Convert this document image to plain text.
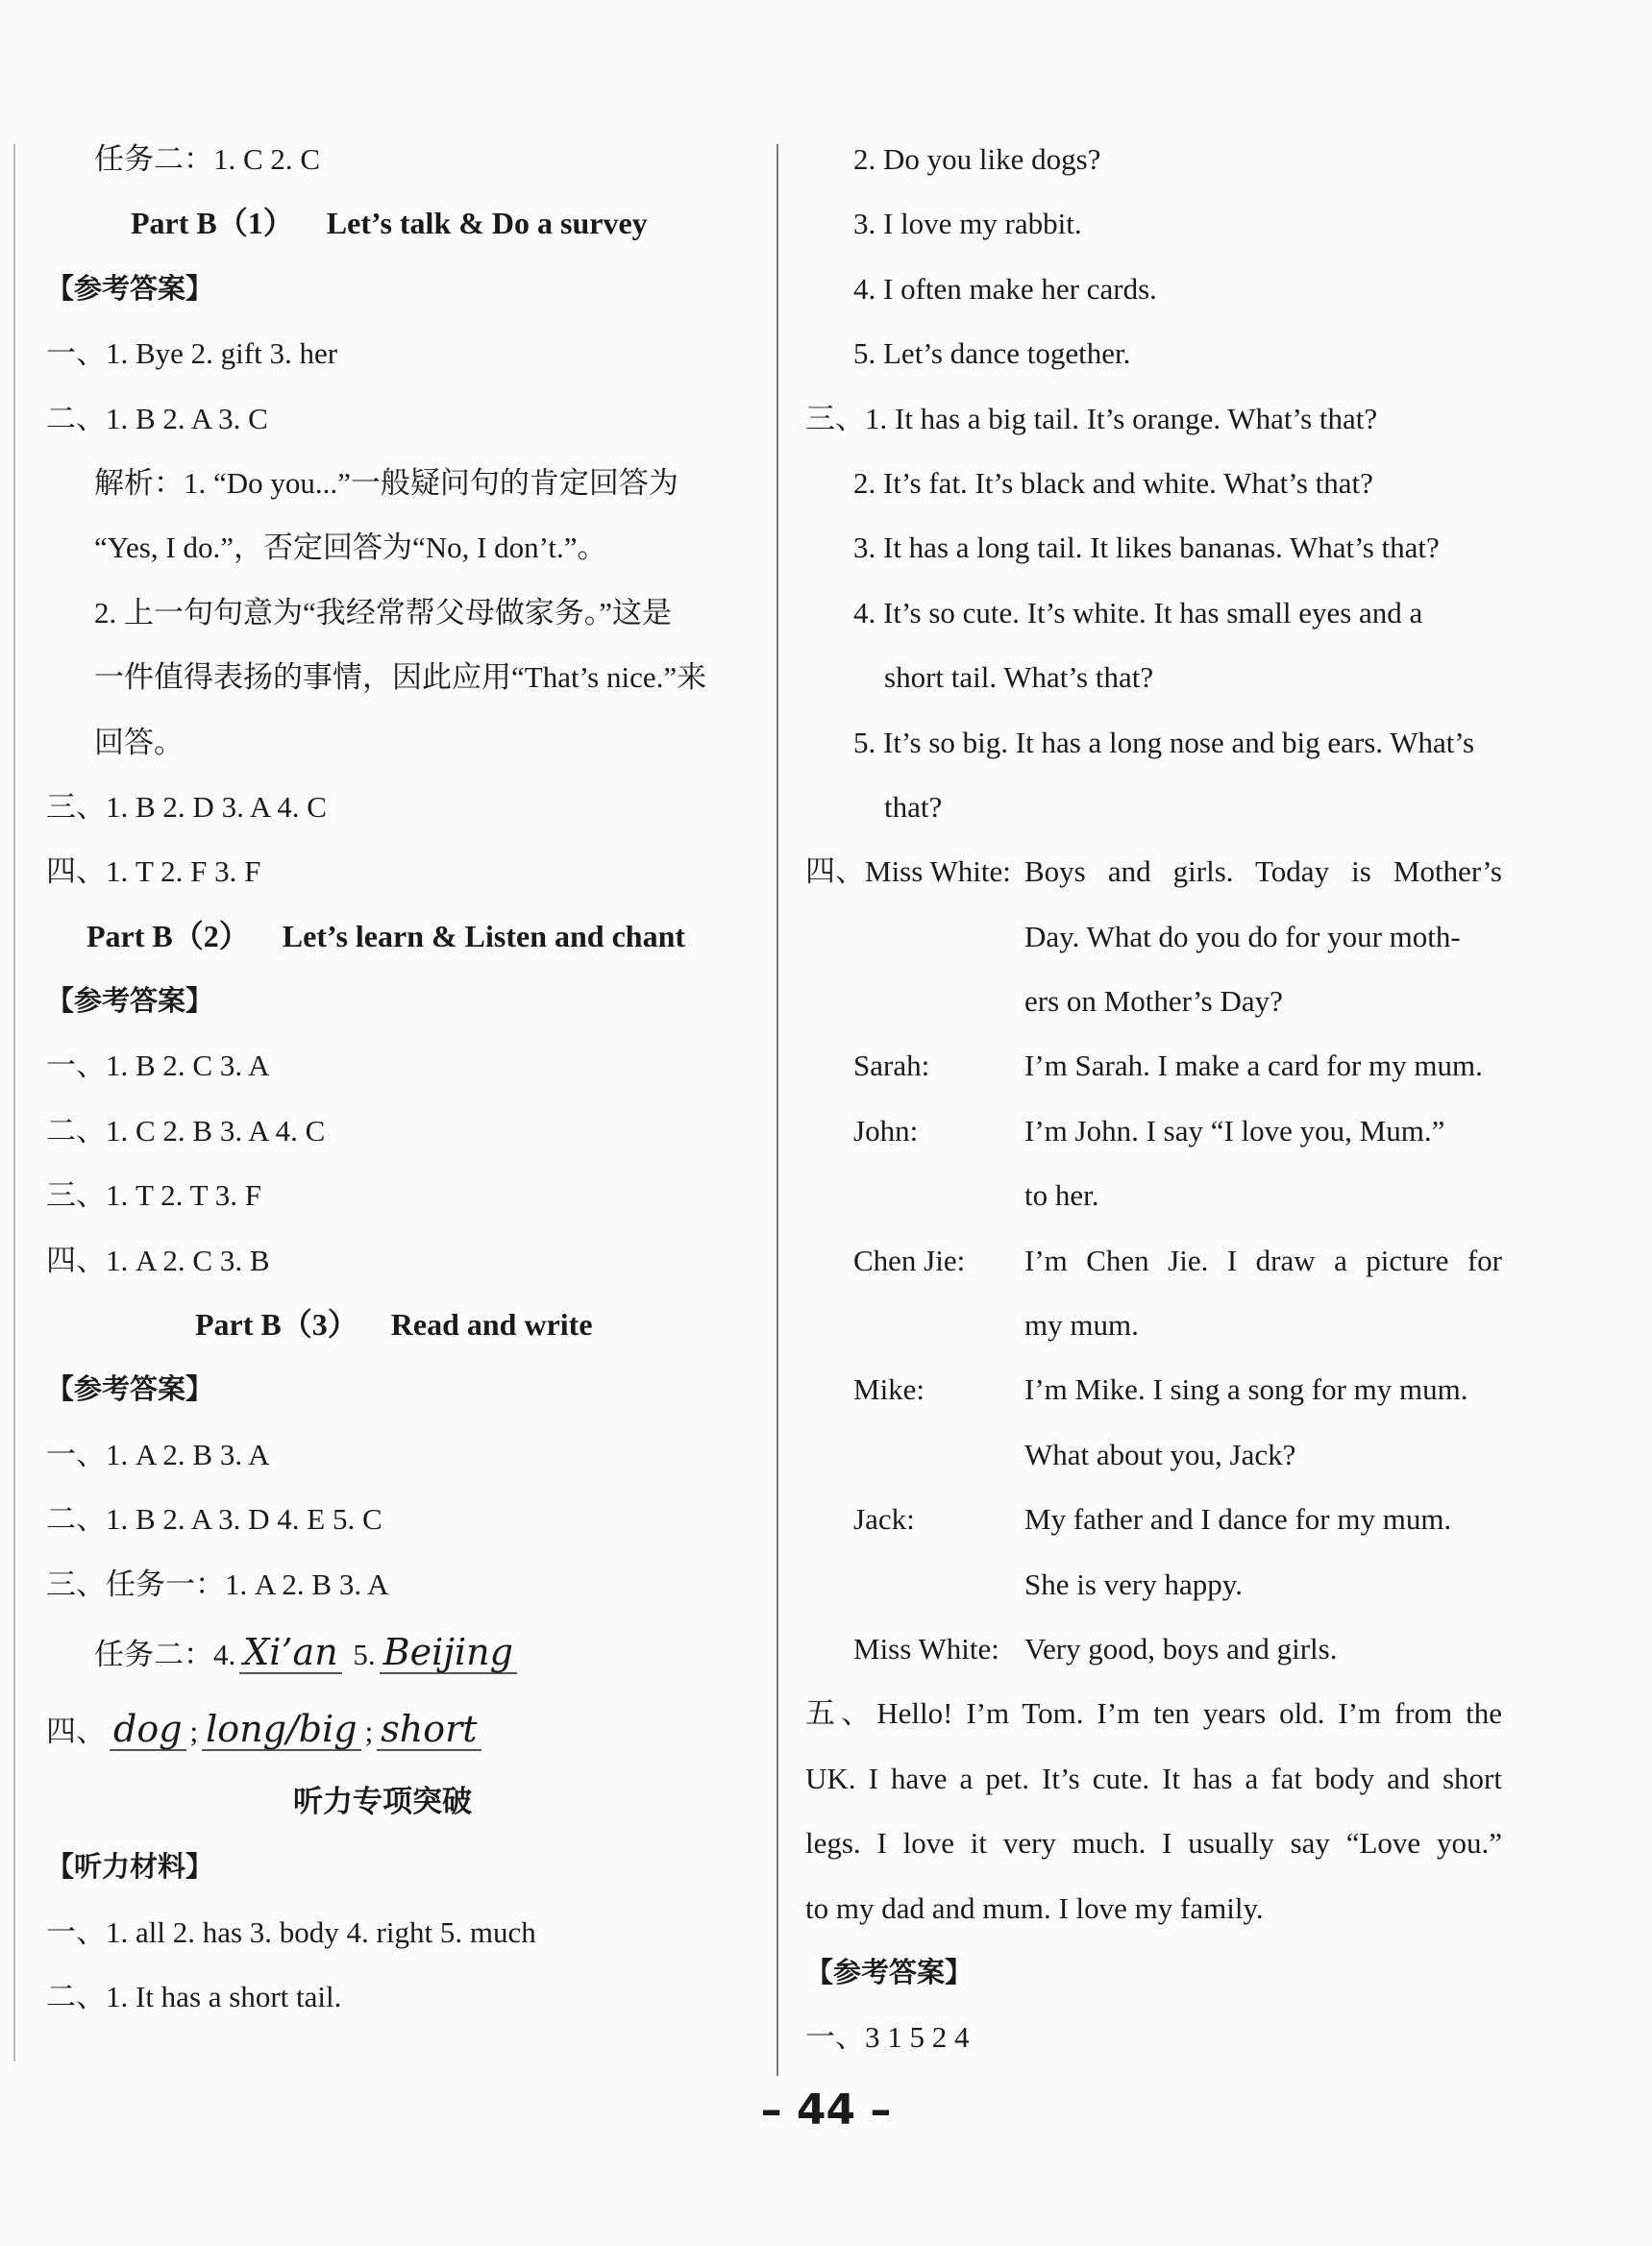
任务二：1. C 2. C
Part B（1） Let’s talk & Do a survey
【参考答案】
一、1. Bye 2. gift 3. her
二、1. B 2. A 3. C
解析：1. “Do you...”一般疑问句的肯定回答为
“Yes, I do.”，否定回答为“No, I don’t.”。
2. 上一句句意为“我经常帮父母做家务。”这是
一件值得表扬的事情，因此应用“That’s nice.”来
回答。
三、1. B 2. D 3. A 4. C
四、1. T 2. F 3. F
Part B（2） Let’s learn & Listen and chant
【参考答案】
一、1. B 2. C 3. A
二、1. C 2. B 3. A 4. C
三、1. T 2. T 3. F
四、1. A 2. C 3. B
Part B（3） Read and write
【参考答案】
一、1. A 2. B 3. A
二、1. B 2. A 3. D 4. E 5. C
三、任务一：1. A 2. B 3. A
任务二：4. Xi’an 5. Beijing
四、 dog ; long/big ; short
听力专项突破
【听力材料】
一、1. all 2. has 3. body 4. right 5. much
二、1. It has a short tail.
2. Do you like dogs?
3. I love my rabbit.
4. I often make her cards.
5. Let’s dance together.
三、1. It has a big tail. It’s orange. What’s that?
2. It’s fat. It’s black and white. What’s that?
3. It has a long tail. It likes bananas. What’s that?
4. It’s so cute. It’s white. It has small eyes and a
short tail. What’s that?
5. It’s so big. It has a long nose and big ears. What’s
that?
四、Miss White: Boys and girls. Today is Mother’s
Day. What do you do for your moth-
ers on Mother’s Day?
Sarah:	I’m Sarah. I make a card for my mum.
John:	I’m John. I say “I love you, Mum.”
to her.
Chen Jie:	I’m Chen Jie. I draw a picture for
my mum.
Mike:	I’m Mike. I sing a song for my mum.
What about you, Jack?
Jack:	My father and I dance for my mum.
She is very happy.
Miss White: Very good, boys and girls.
五、Hello! I’m Tom. I’m ten years old. I’m from the
UK. I have a pet. It’s cute. It has a fat body and short
legs. I love it very much. I usually say “Love you.”
to my dad and mum. I love my family.
【参考答案】
一、3 1 5 2 4
– 44 –
